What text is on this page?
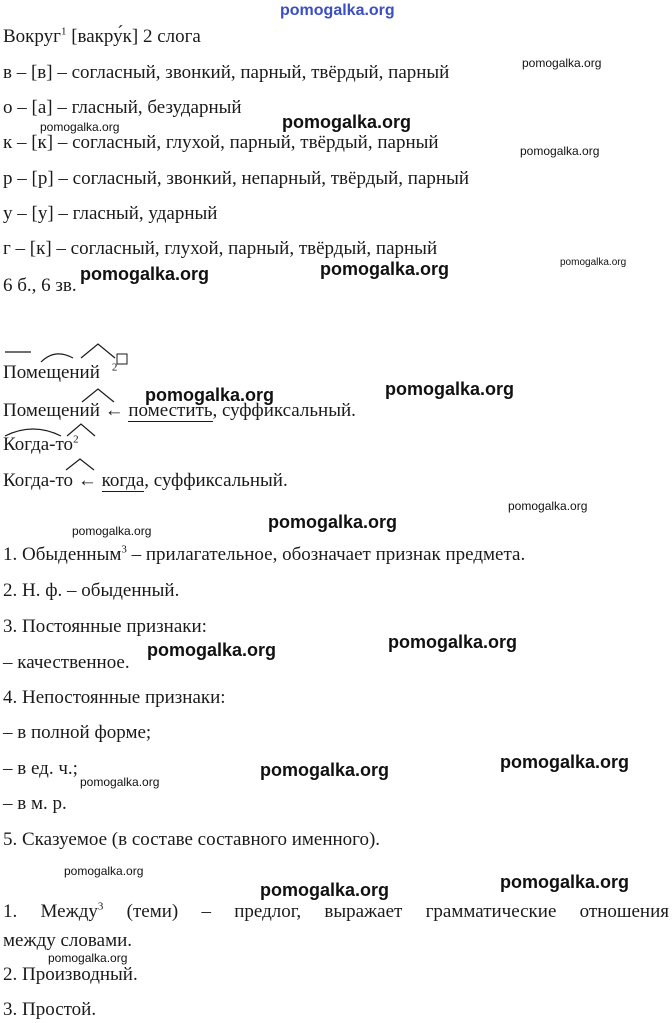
pomogalka.org
pomogalka.org
pomogalka.org	pomogalka.org
pomogalka.org
pomogalka.org	pomogalka.org	pomogalka.org
pomogalka.org	pomogalka.org
pomogalka.org
pomogalka.org	pomogalka.org
pomogalka.org
pomogalka.org
pomogalka.org
pomogalka.org
pomogalka.org
pomogalka.org
pomogalka.org
pomogalka.org
pomogalka.org
Вокруг$^1$ [вакру́к] 2 слога
в – [в] – согласный, звонкий, парный, твёрдый, парный
о – [а] – гласный, безударный
к – [к] – согласный, глухой, парный, твёрдый, парный
р – [р] – согласный, звонкий, непарный, твёрдый, парный
у – [у] – гласный, ударный
г – [к] – согласный, глухой, парный, твёрдый, парный
6 б., 6 зв.
Помещений $^2$
Помещений ← поместить, суффиксальный.
Когда-$то^2$
Когда-то ← когда, суффиксальный.
1. Обыденным$^3$ – прилагательное, обозначает признак предмета.
2. Н. ф. – обыденный.
3. Постоянные признаки:
– качественное.
4. Непостоянные признаки:
– в полной форме;
– в ед. ч.;
– в м. р.
5. Сказуемое (в составе составного именного).
1. Между$^3$ (теми) – предлог, выражает грамматические отношения
между словами.
2. Производный.
3. Простой.
